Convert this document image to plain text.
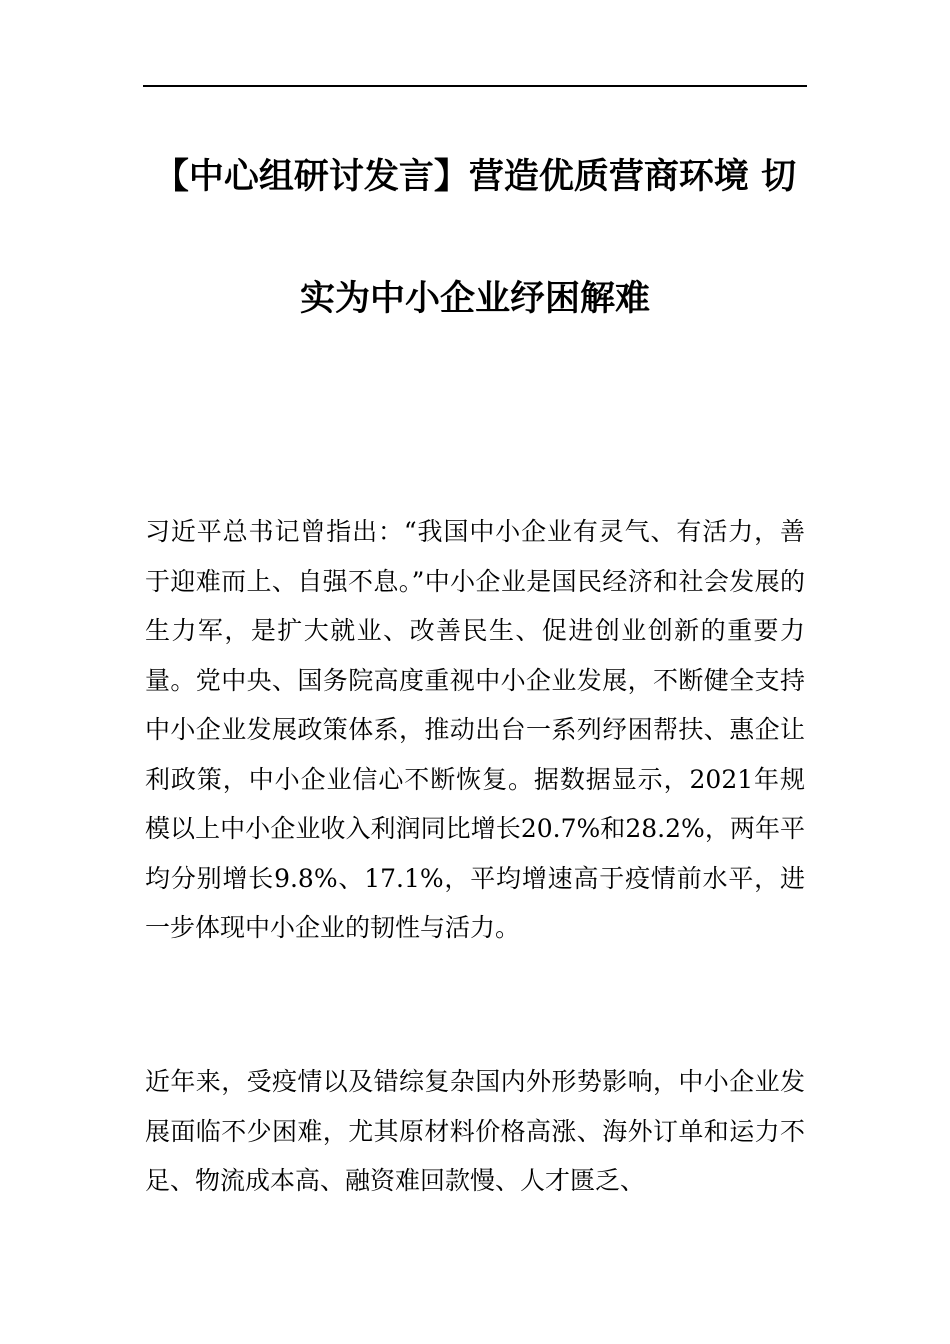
【中心组研讨发言】营造优质营商环境 切
实为中小企业纾困解难

习近平总书记曾指出：“我国中小企业有灵气、有活力，善于迎难而上、自强不息。”中小企业是国民经济和社会发展的生力军，是扩大就业、改善民生、促进创业创新的重要力量。党中央、国务院高度重视中小企业发展，不断健全支持中小企业发展政策体系，推动出台一系列纾困帮扶、惠企让利政策，中小企业信心不断恢复。据数据显示，2021年规模以上中小企业收入利润同比增长20.7%和28.2%，两年平均分别增长9.8%、17.1%，平均增速高于疫情前水平，进一步体现中小企业的韧性与活力。

近年来，受疫情以及错综复杂国内外形势影响，中小企业发展面临不少困难，尤其原材料价格高涨、海外订单和运力不足、物流成本高、融资难回款慢、人才匮乏、
